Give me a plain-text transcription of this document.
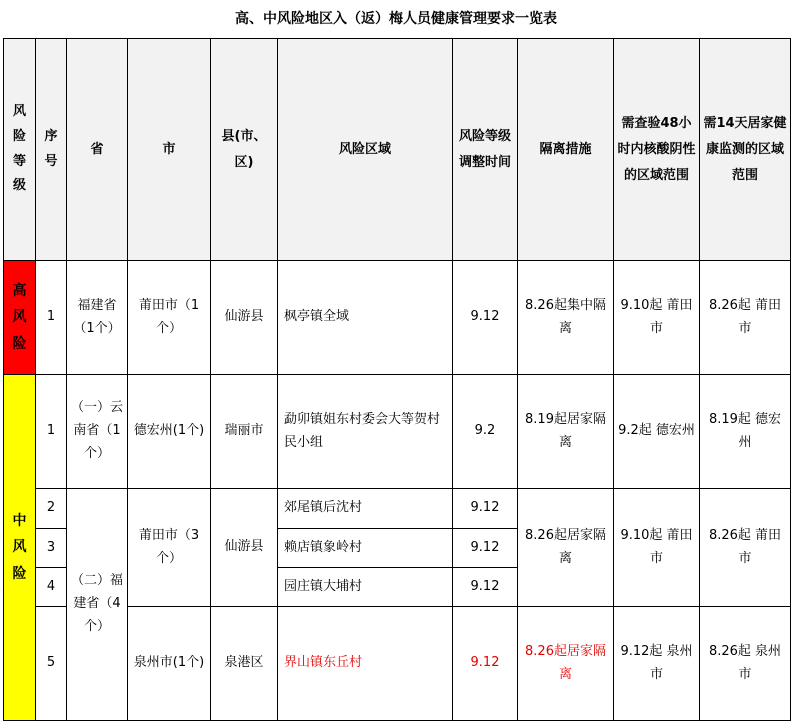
高、中风险地区入（返）梅人员健康管理要求一览表
风险等级	序号	省	市	县(市、区)	风险区域	风险等级调整时间	隔离措施	需查验48小时内核酸阴性的区域范围	需14天居家健康监测的区域范围
高风险	1	福建省（1个）	莆田市（1个）	仙游县	枫亭镇全域	9.12	8.26起集中隔离	9.10起 莆田市	8.26起 莆田市
中风险	1	（一）云南省（1个）	德宏州(1个)	瑞丽市	勐卯镇姐东村委会大等贺村民小组	9.2	8.19起居家隔离	9.2起 德宏州	8.19起 德宏州
	2	（二）福建省（4个）	莆田市（3个）	仙游县	郊尾镇后沈村	9.12	8.26起居家隔离	9.10起 莆田市	8.26起 莆田市
	3				赖店镇象岭村	9.12			
	4				园庄镇大埔村	9.12			
	5		泉州市(1个)	泉港区	界山镇东丘村	9.12	8.26起居家隔离	9.12起 泉州市	8.26起 泉州市
